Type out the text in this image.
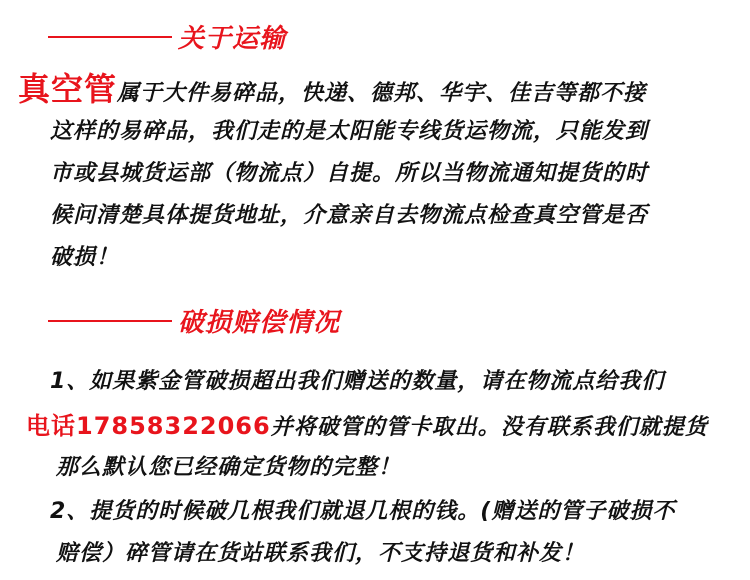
关于运输
真空管属于大件易碎品，快递、德邦、华宇、佳吉等都不接
这样的易碎品，我们走的是太阳能专线货运物流，只能发到
市或县城货运部（物流点）自提。所以当物流通知提货的时
候问清楚具体提货地址，介意亲自去物流点检查真空管是否
破损！
破损赔偿情况
1、如果紫金管破损超出我们赠送的数量，请在物流点给我们
电话17858322066并将破管的管卡取出。没有联系我们就提货
那么默认您已经确定货物的完整！
2、提货的时候破几根我们就退几根的钱。(赠送的管子破损不
赔偿）碎管请在货站联系我们，不支持退货和补发！
